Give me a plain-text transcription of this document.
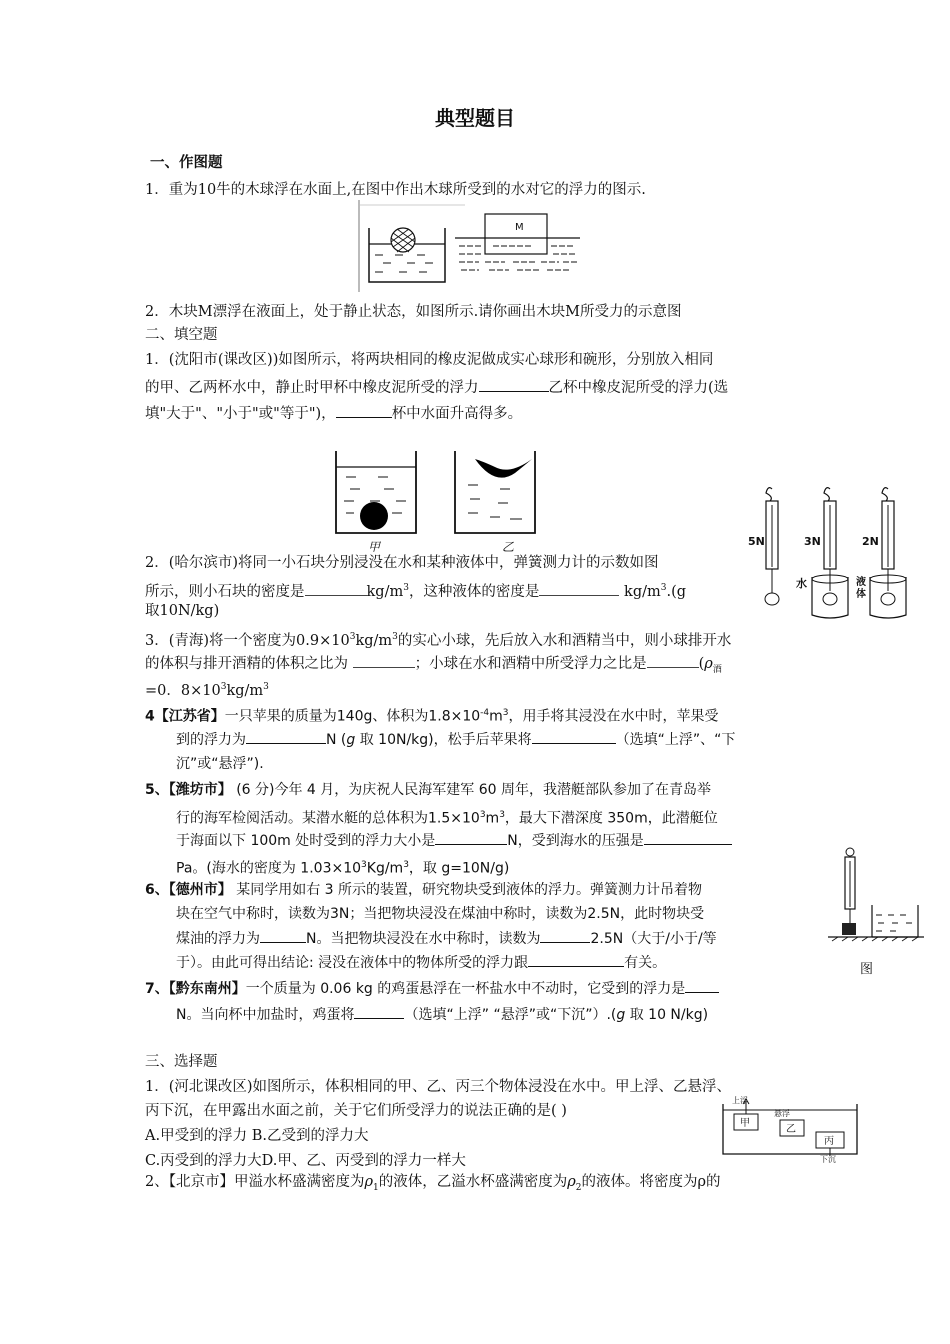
典型题目
一、作图题
1．重为10牛的木球浮在水面上,在图中作出木球所受到的水对它的浮力的图示.
M
2．木块M漂浮在液面上，处于静止状态，如图所示.请你画出木块M所受力的示意图
二、填空题
1．(沈阳市(课改区))如图所示，将两块相同的橡皮泥做成实心球形和碗形，分别放入相同
的甲、乙两杯水中，静止时甲杯中橡皮泥所受的浮力	乙杯中橡皮泥所受的浮力(选
填"大于"、"小于"或"等于")，	杯中水面升高得多。
甲	乙	5N	3N
水
2N
液
体
2．(哈尔滨市)将同一小石块分别浸没在水和某种液体中，弹簧测力计的示数如图
所示，则小石块的密度是	$kg/m^3$，这种液体的密度是	$kg/m^3.(g$
取10N/kg)
3．(青海)将一个密度为$0.9\times 10^3kg/m^3$的实心小球，先后放入水和酒精当中，则小球排开水
的体积与排开酒精的体积之比为	；小球在水和酒精中所受浮力之比是	($\rho_酒$
=0．$8\times 10^3kg/m^3$
4【江苏省】一只苹果的质量为140g、体积为$1.8\times 10^{-4}m^3$，用手将其浸没在水中时，苹果受
到的浮力为	N (g 取 10N/kg)，松手后苹果将	（选填“上浮”、“下
沉”或“悬浮”).
5、【潍坊市】 (6 分)今年 4 月，为庆祝人民海军建军 60 周年，我潜艇部队参加了在青岛举
行的海军检阅活动。某潜水艇的总体积为$1.5\times 10^3m^3$，最大下潜深度 350m，此潜艇位
于海面以下 100m 处时受到的浮力大小是	N，受到海水的压强是
Pa。(海水的密度为 $1.03\times 10^3Kg/m^3$，取 g=10N/g)
6、【德州市】 某同学用如右 3 所示的装置，研究物块受到液体的浮力。弹簧测力计吊着物
块在空气中称时，读数为3N；当把物块浸没在煤油中称时，读数为2.5N，此时物块受
煤油的浮力为	N。当把物块浸没在水中称时，读数为	2.5N（大于/小于/等
于）。由此可得出结论: 浸没在液体中的物体所受的浮力跟	有关。	图
7、【黔东南州】一个质量为 0.06 kg 的鸡蛋悬浮在一杯盐水中不动时，它受到的浮力是
N。当向杯中加盐时，鸡蛋将	（选填“上浮” “悬浮”或“下沉”）.(g 取 10 N/kg)
三、选择题
1．(河北课改区)如图所示，体积相同的甲、乙、丙三个物体浸没在水中。甲上浮、乙悬浮、
丙下沉，在甲露出水面之前，关于它们所受浮力的说法正确的是( )
A.甲受到的浮力 B.乙受到的浮力大
C.丙受到的浮力大D.甲、乙、丙受到的浮力一样大
上浮
甲
乙
悬浮
丙
下沉
2、【北京市】甲溢水杯盛满密度为$\rho_1$的液体，乙溢水杯盛满密度为$\rho_2$的液体。将密度为ρ的
